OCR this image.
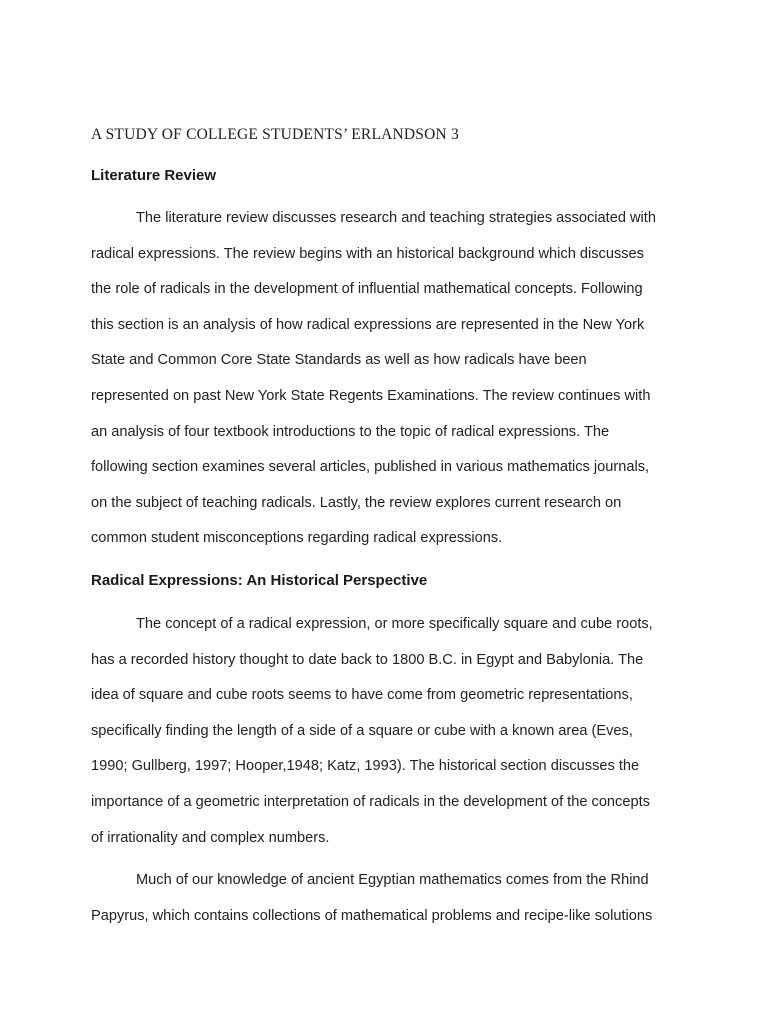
A STUDY OF COLLEGE STUDENTS’ ERLANDSON 3
Literature Review

The literature review discusses research and teaching strategies associated with
radical expressions. The review begins with an historical background which discusses
the role of radicals in the development of influential mathematical concepts. Following
this section is an analysis of how radical expressions are represented in the New York
State and Common Core State Standards as well as how radicals have been
represented on past New York State Regents Examinations. The review continues with
an analysis of four textbook introductions to the topic of radical expressions. The
following section examines several articles, published in various mathematics journals,
on the subject of teaching radicals. Lastly, the review explores current research on
common student misconceptions regarding radical expressions.

Radical Expressions: An Historical Perspective

The concept of a radical expression, or more specifically square and cube roots,
has a recorded history thought to date back to 1800 B.C. in Egypt and Babylonia. The
idea of square and cube roots seems to have come from geometric representations,
specifically finding the length of a side of a square or cube with a known area (Eves,
1990; Gullberg, 1997; Hooper,1948; Katz, 1993). The historical section discusses the
importance of a geometric interpretation of radicals in the development of the concepts
of irrationality and complex numbers.

Much of our knowledge of ancient Egyptian mathematics comes from the Rhind
Papyrus, which contains collections of mathematical problems and recipe-like solutions
